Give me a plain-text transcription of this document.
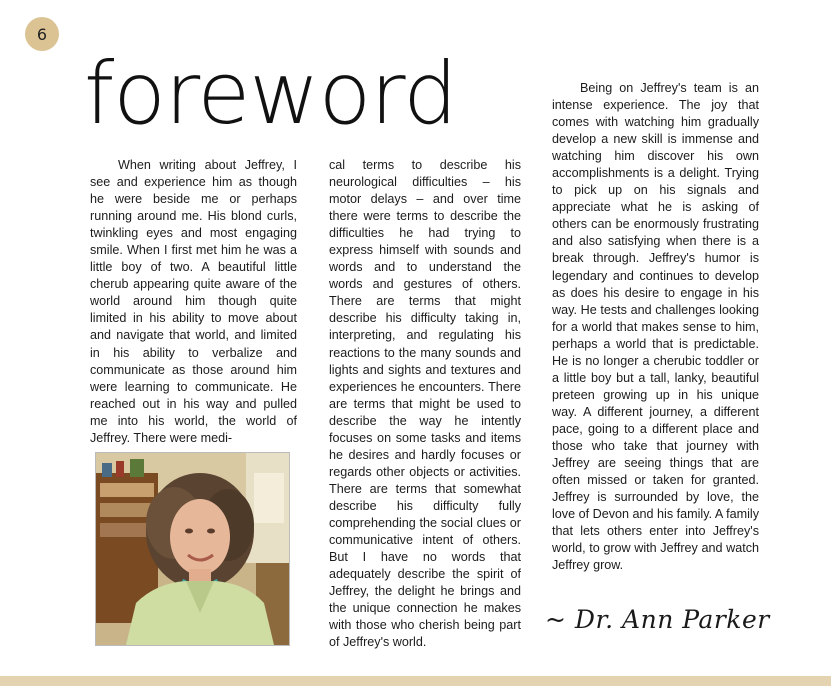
6
foreword

When writing about Jeffrey, I see and experience him as though he were beside me or perhaps running around me. His blond curls, twinkling eyes and most engaging smile. When I first met him he was a little boy of two. A beautiful little cherub appearing quite aware of the world around him though quite limited in his ability to move about and navigate that world, and limited in his ability to verbalize and communicate as those around him were learning to communicate. He reached out in his way and pulled me into his world, the world of Jeffrey. There were medi-

cal terms to describe his neurological difficulties – his motor delays – and over time there were terms to describe the difficulties he had trying to express himself with sounds and words and to understand the words and gestures of others. There are terms that might describe his difficulty taking in, interpreting, and regulating his reactions to the many sounds and lights and sights and textures and experiences he encounters. There are terms that might be used to describe the way he intently focuses on some tasks and items he desires and hardly focuses or regards other objects or activities. There are terms that somewhat describe his difficulty fully comprehending the social clues or communicative intent of others. But I have no words that adequately describe the spirit of Jeffrey, the delight he brings and the unique connection he makes with those who cherish being part of Jeffrey's world.

Being on Jeffrey's team is an intense experience. The joy that comes with watching him gradually develop a new skill is immense and watching him discover his own accomplishments is a delight. Trying to pick up on his signals and appreciate what he is asking of others can be enormously frustrating and also satisfying when there is a break through. Jeffrey's humor is legendary and continues to develop as does his desire to engage in his way. He tests and challenges looking for a world that makes sense to him, perhaps a world that is predictable. He is no longer a cherubic toddler or a little boy but a tall, lanky, beautiful preteen growing up in his unique way. A different journey, a different pace, going to a different place and those who take that journey with Jeffrey are seeing things that are often missed or taken for granted. Jeffrey is surrounded by love, the love of Devon and his family. A family that lets others enter into Jeffrey's world, to grow with Jeffrey and watch Jeffrey grow.

~ Dr. Ann Parker
